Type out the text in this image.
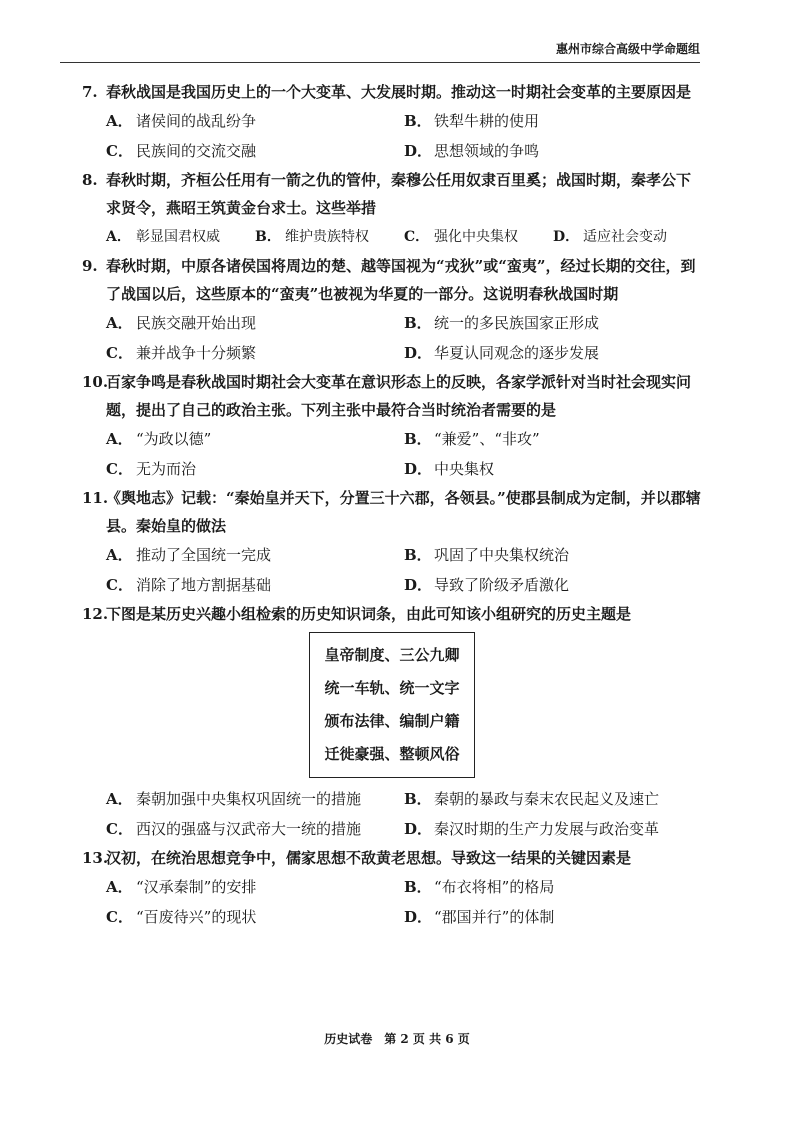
惠州市综合高级中学命题组
7. 春秋战国是我国历史上的一个大变革、大发展时期。推动这一时期社会变革的主要原因是
A． 诸侯间的战乱纷争	B． 铁犁牛耕的使用
C． 民族间的交流交融	D． 思想领域的争鸣
8. 春秋时期，齐桓公任用有一箭之仇的管仲，秦穆公任用奴隶百里奚；战国时期，秦孝公下求贤令，燕昭王筑黄金台求士。这些举措
A． 彰显国君权威	B． 维护贵族特权	C． 强化中央集权	D． 适应社会变动
9. 春秋时期，中原各诸侯国将周边的楚、越等国视为“戎狄”或“蛮夷”，经过长期的交往，到了战国以后，这些原本的“蛮夷”也被视为华夏的一部分。这说明春秋战国时期
A． 民族交融开始出现	B． 统一的多民族国家正形成
C． 兼并战争十分频繁	D． 华夏认同观念的逐步发展
10.百家争鸣是春秋战国时期社会大变革在意识形态上的反映，各家学派针对当时社会现实问题，提出了自己的政治主张。下列主张中最符合当时统治者需要的是
A． “为政以德”	B． “兼爱”、“非攻”
C． 无为而治	D． 中央集权
11.《舆地志》记载：“秦始皇并天下，分置三十六郡，各领县。”使郡县制成为定制，并以郡辖县。秦始皇的做法
A． 推动了全国统一完成	B． 巩固了中央集权统治
C． 消除了地方割据基础	D． 导致了阶级矛盾激化
12.下图是某历史兴趣小组检索的历史知识词条，由此可知该小组研究的历史主题是
皇帝制度、三公九卿
统一车轨、统一文字
颁布法律、编制户籍
迁徙豪强、整顿风俗
A． 秦朝加强中央集权巩固统一的措施	B． 秦朝的暴政与秦末农民起义及速亡
C． 西汉的强盛与汉武帝大一统的措施	D． 秦汉时期的生产力发展与政治变革
13.汉初，在统治思想竞争中，儒家思想不敌黄老思想。导致这一结果的关键因素是
A． “汉承秦制”的安排	B． “布衣将相”的格局
C． “百废待兴”的现状	D． “郡国并行”的体制
历史试卷　第 2 页 共 6 页
